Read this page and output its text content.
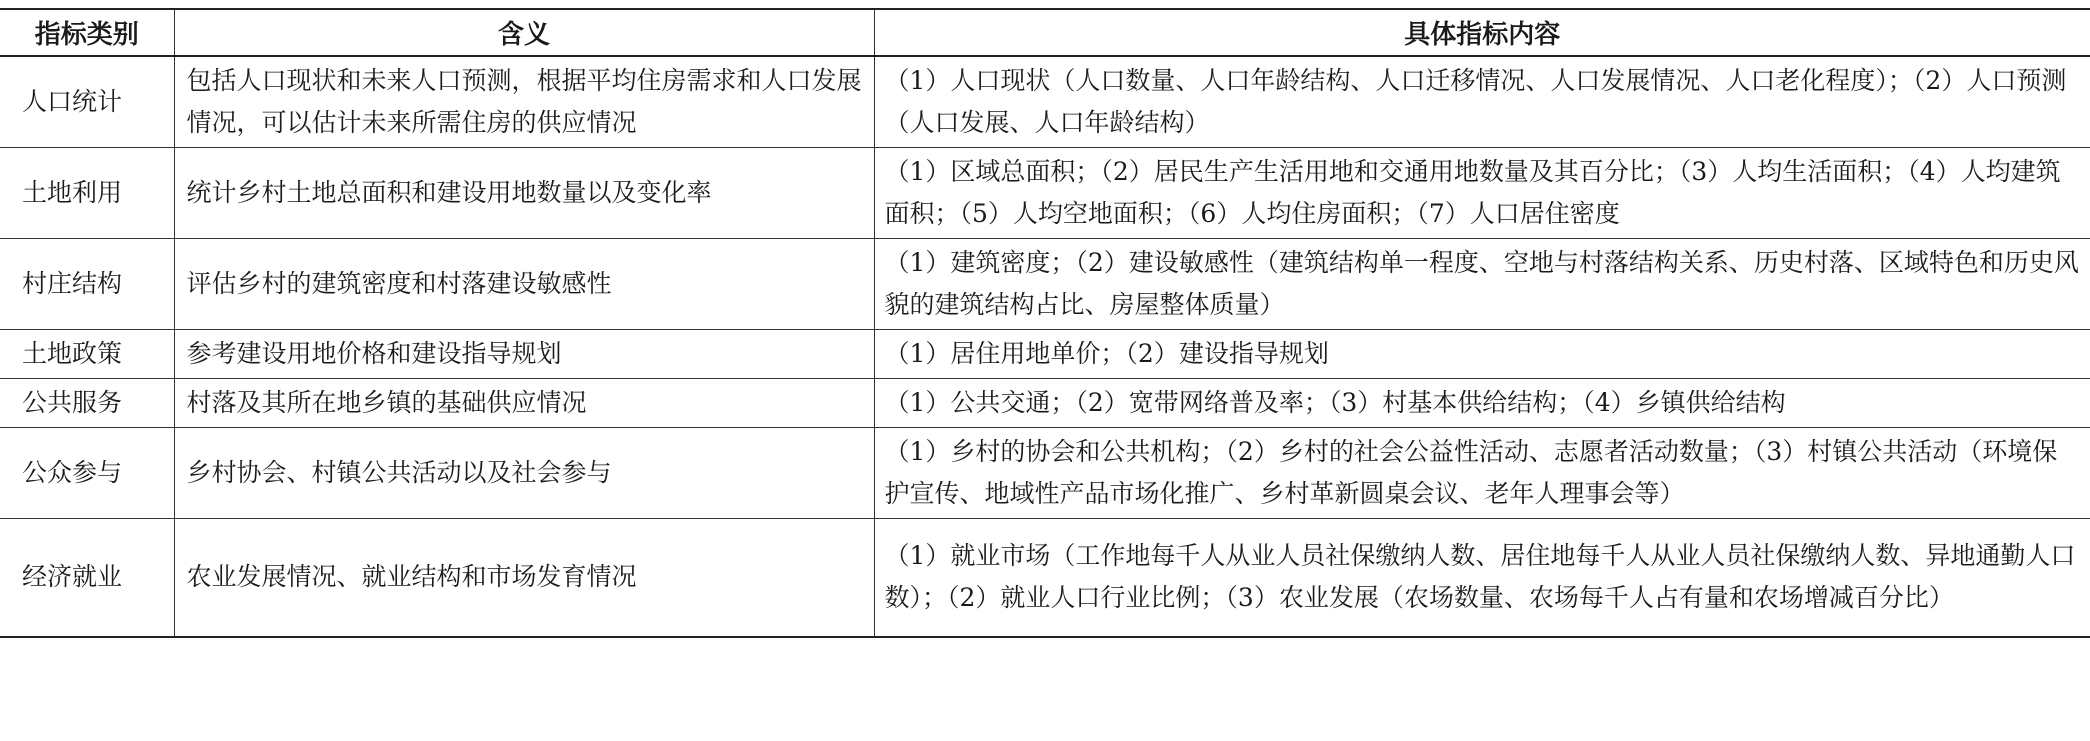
指标类别	含义	具体指标内容
人口统计	包括人口现状和未来人口预测，根据平均住房需求和人口发展情况，可以估计未来所需住房的供应情况	（1）人口现状（人口数量、人口年龄结构、人口迁移情况、人口发展情况、人口老化程度）；（2）人口预测（人口发展、人口年龄结构）
土地利用	统计乡村土地总面积和建设用地数量以及变化率	（1）区域总面积；（2）居民生产生活用地和交通用地数量及其百分比；（3）人均生活面积；（4）人均建筑面积；（5）人均空地面积；（6）人均住房面积；（7）人口居住密度
村庄结构	评估乡村的建筑密度和村落建设敏感性	（1）建筑密度；（2）建设敏感性（建筑结构单一程度、空地与村落结构关系、历史村落、区域特色和历史风貌的建筑结构占比、房屋整体质量）
土地政策	参考建设用地价格和建设指导规划	（1）居住用地单价；（2）建设指导规划
公共服务	村落及其所在地乡镇的基础供应情况	（1）公共交通；（2）宽带网络普及率；（3）村基本供给结构；（4）乡镇供给结构
公众参与	乡村协会、村镇公共活动以及社会参与	（1）乡村的协会和公共机构；（2）乡村的社会公益性活动、志愿者活动数量；（3）村镇公共活动（环境保护宣传、地域性产品市场化推广、乡村革新圆桌会议、老年人理事会等）
经济就业	农业发展情况、就业结构和市场发育情况	（1）就业市场（工作地每千人从业人员社保缴纳人数、居住地每千人从业人员社保缴纳人数、异地通勤人口数）；（2）就业人口行业比例；（3）农业发展（农场数量、农场每千人占有量和农场增减百分比）
